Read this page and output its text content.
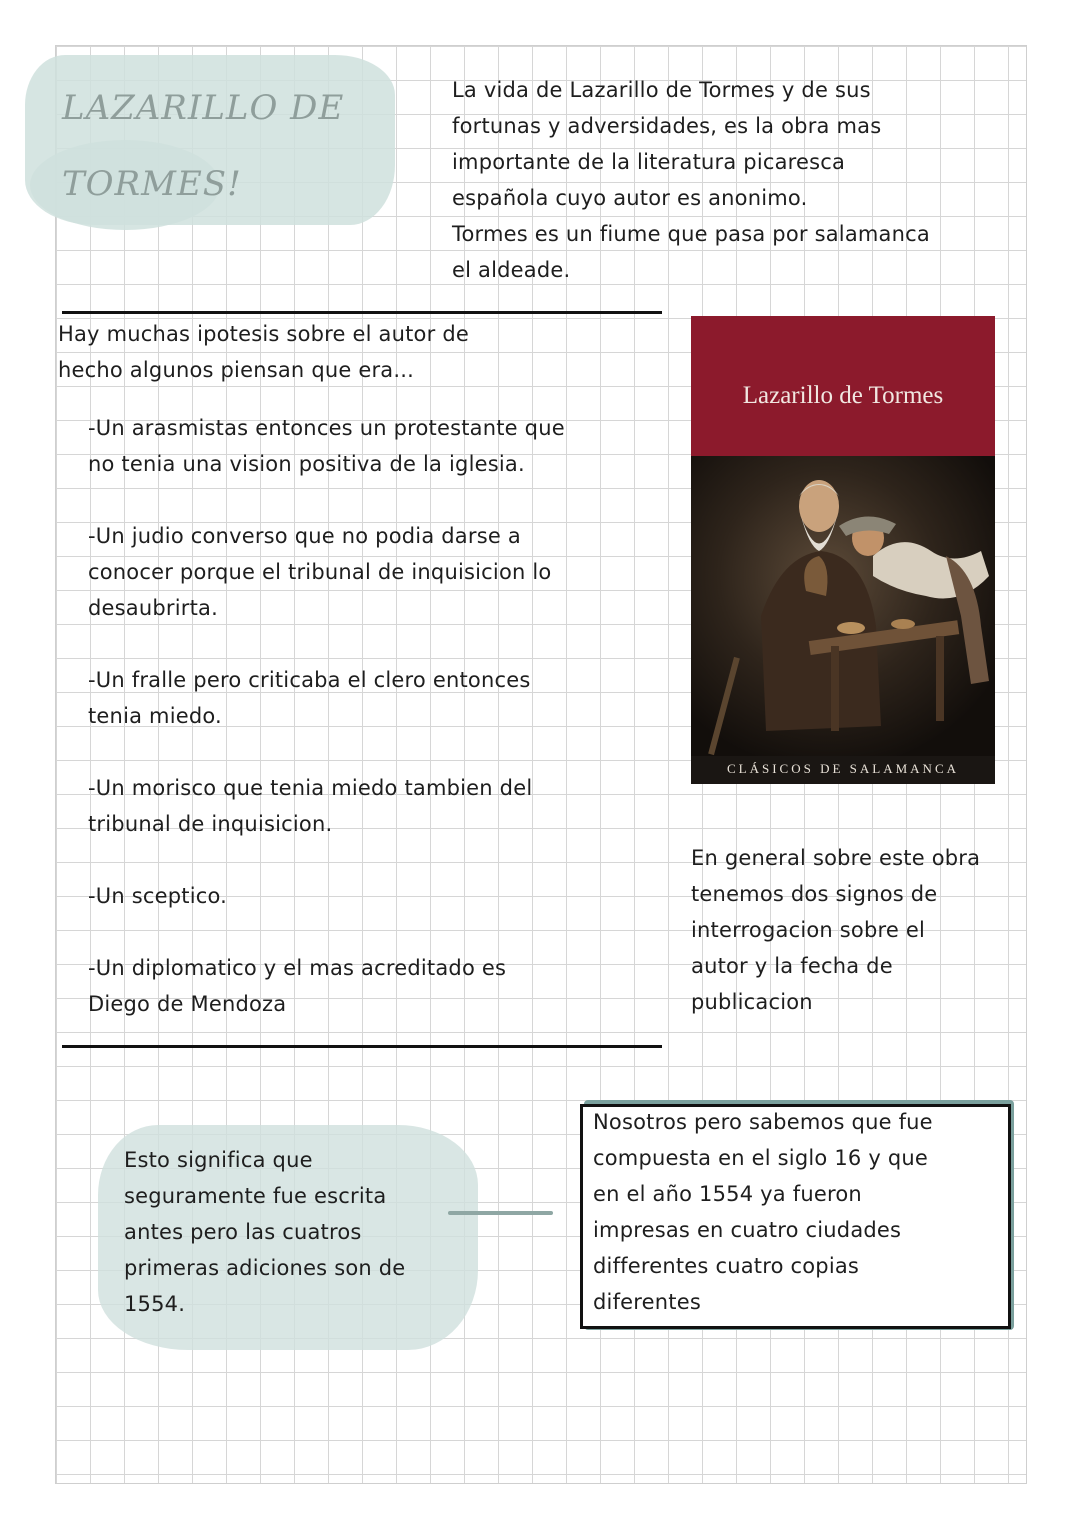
LAZARILLO DE
TORMES!
La vida de Lazarillo de Tormes y de sus
fortunas y adversidades, es la obra mas
importante de la literatura picaresca
española cuyo autor es anonimo.
Tormes es un fiume que pasa por salamanca
el aldeade.
Hay muchas ipotesis sobre el autor de
hecho algunos piensan que era...
-Un arasmistas entonces un protestante que
no tenia una vision positiva de la iglesia.
-Un judio converso que no podia darse a
conocer porque el tribunal de inquisicion lo
desaubrirta.
-Un fralle pero criticaba el clero entonces
tenia miedo.
-Un morisco que tenia miedo tambien del
tribunal de inquisicion.
-Un sceptico.
-Un diplomatico y el mas acreditado es
Diego de Mendoza
Lazarillo de Tormes
CLÁSICOS DE SALAMANCA
En general sobre este obra
tenemos dos signos de
interrogacion sobre el
autor y la fecha de
publicacion
Esto significa que
seguramente fue escrita
antes pero las cuatros
primeras adiciones son de
1554.
Nosotros pero sabemos que fue
compuesta en el siglo 16 y que
en el año 1554 ya fueron
impresas en cuatro ciudades
differentes cuatro copias
diferentes
